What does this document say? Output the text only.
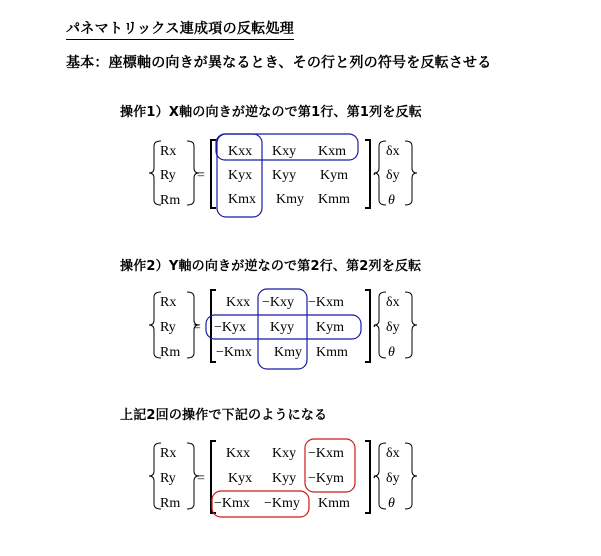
パネマトリックス連成項の反転処理
基本：座標軸の向きが異なるとき、その行と列の符号を反転させる
操作1）X軸の向きが逆なので第1行、第1列を反転
Rx
Ry
Rm
=
Kxx Kxy Kxm
Kyx Kyy Kym
Kmx Kmy Kmm
·
δx
δy
θ
操作2）Y軸の向きが逆なので第2行、第2列を反転
Rx
Ry
Rm
=
Kxx −Kxy −Kxm
−Kyx Kyy Kym
−Kmx Kmy Kmm
·
δx
δy
θ
上記2回の操作で下記のようになる
Rx
Ry
Rm
=
Kxx Kxy −Kxm
Kyx Kyy −Kym
−Kmx −Kmy Kmm
·
δx
δy
θ
